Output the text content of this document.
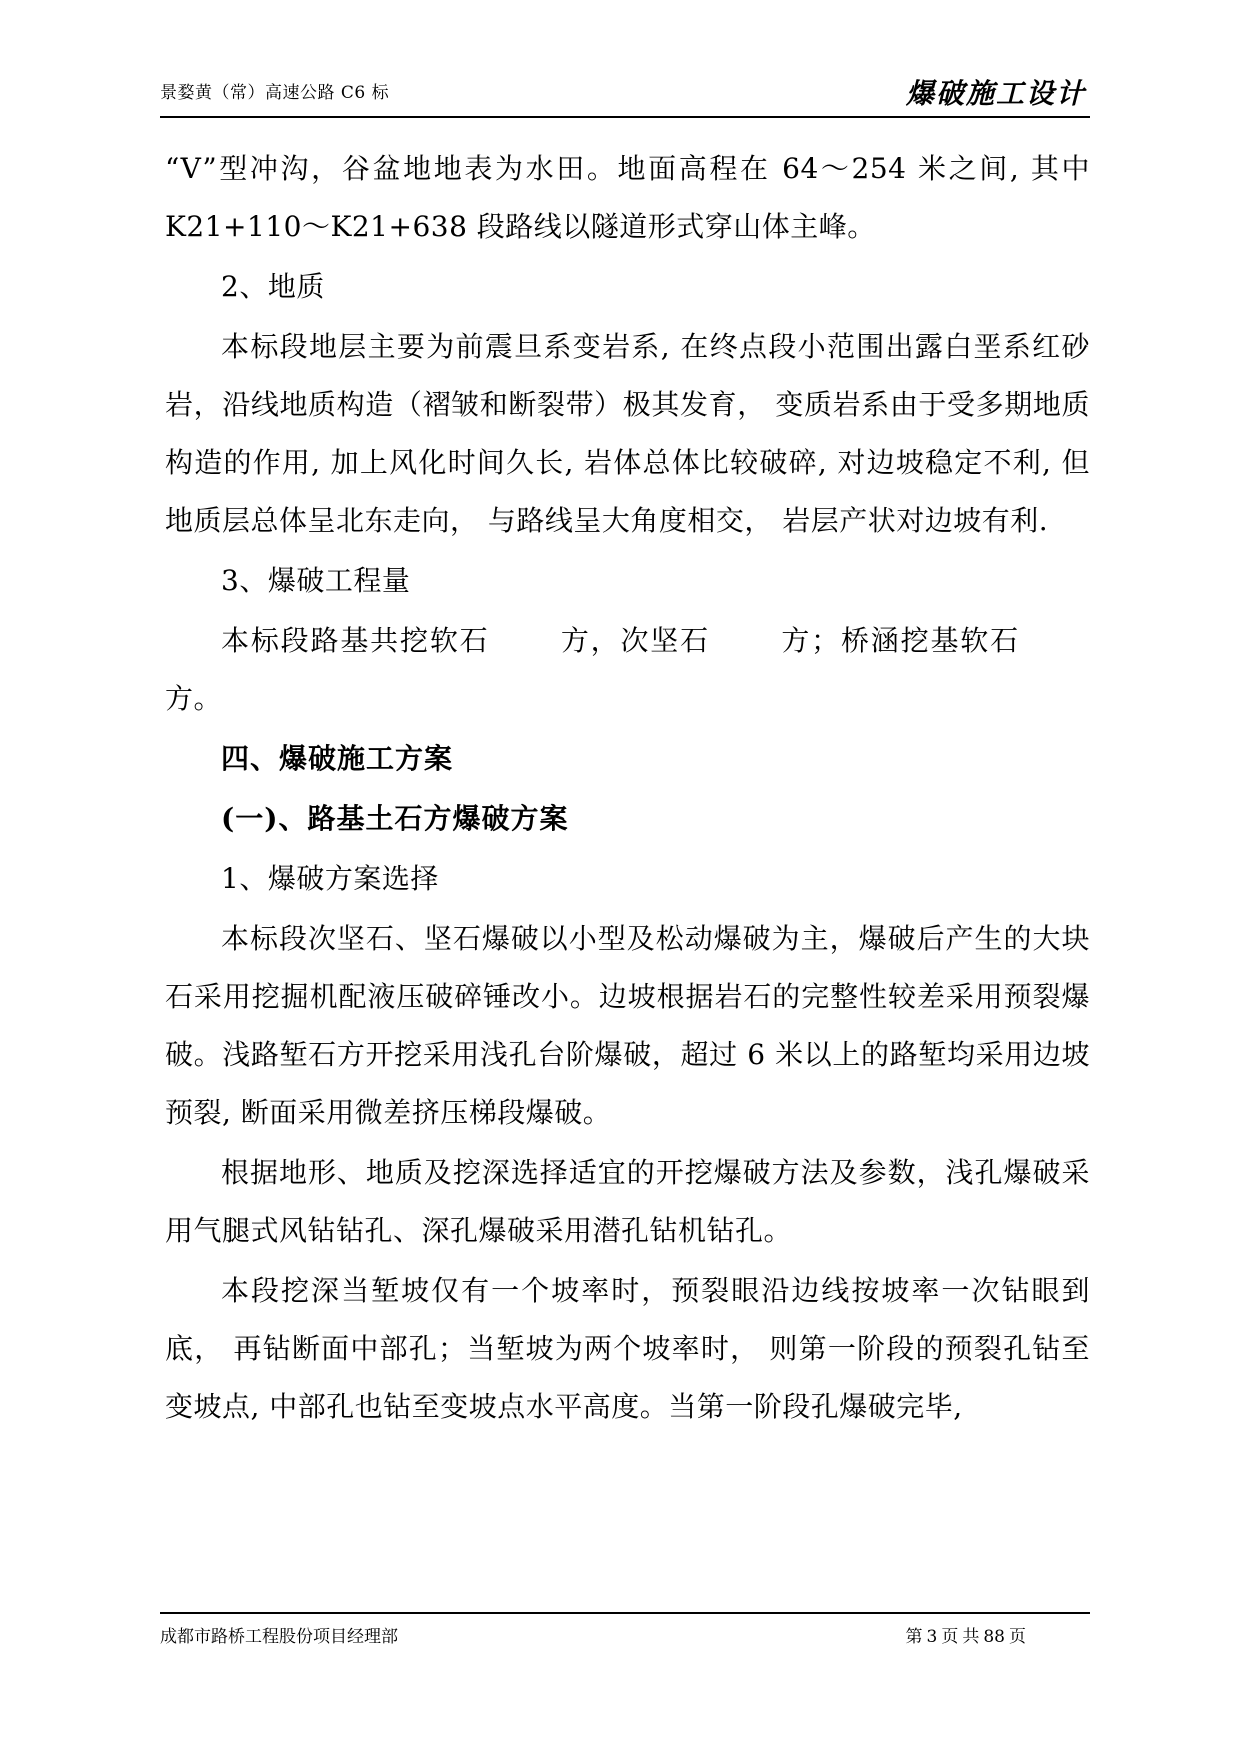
景婺黄（常）高速公路 C6 标	爆破施工设计

“V”型冲沟，谷盆地地表为水田。地面高程在 64～254 米之间, 其中 K21+110～K21+638 段路线以隧道形式穿山体主峰。

2、地质

本标段地层主要为前震旦系变岩系, 在终点段小范围出露白垩系红砂岩，沿线地质构造（褶皱和断裂带）极其发育， 变质岩系由于受多期地质构造的作用, 加上风化时间久长, 岩体总体比较破碎, 对边坡稳定不利, 但地质层总体呈北东走向， 与路线呈大角度相交， 岩层产状对边坡有利.

3、爆破工程量

本标段路基共挖软石	方，次坚石	方；桥涵挖基软石方。

四、爆破施工方案

(一)、路基土石方爆破方案

1、爆破方案选择

本标段次坚石、坚石爆破以小型及松动爆破为主，爆破后产生的大块石采用挖掘机配液压破碎锤改小。边坡根据岩石的完整性较差采用预裂爆破。浅路堑石方开挖采用浅孔台阶爆破，超过 6 米以上的路堑均采用边坡预裂, 断面采用微差挤压梯段爆破。

根据地形、地质及挖深选择适宜的开挖爆破方法及参数，浅孔爆破采用气腿式风钻钻孔、深孔爆破采用潜孔钻机钻孔。

本段挖深当堑坡仅有一个坡率时，预裂眼沿边线按坡率一次钻眼到底， 再钻断面中部孔；当堑坡为两个坡率时， 则第一阶段的预裂孔钻至变坡点, 中部孔也钻至变坡点水平高度。当第一阶段孔爆破完毕,

成都市路桥工程股份项目经理部	第 3 页 共 88 页
